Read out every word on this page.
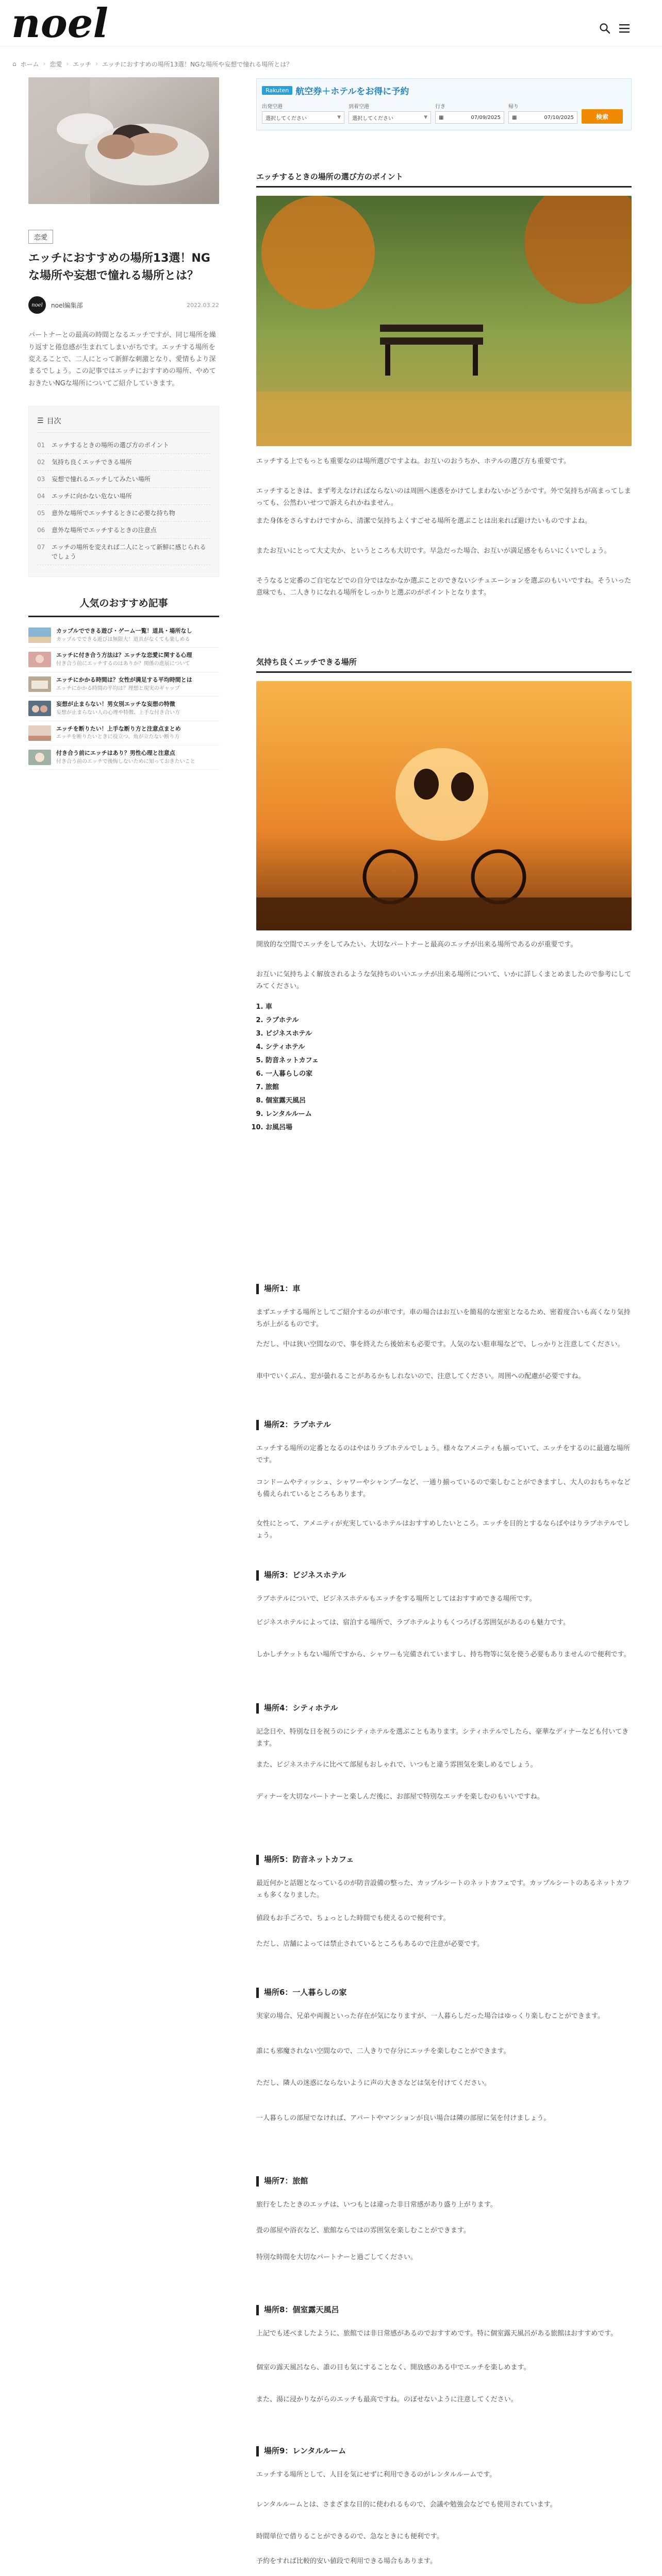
noel
⌂ ホーム › 恋愛 › エッチ › エッチにおすすめの場所13選！NGな場所や妄想で憧れる場所とは？
恋愛
エッチにおすすめの場所13選！NGな場所や妄想で憧れる場所とは？
noel	noel編集部	2022.03.22

パートナーとの最高の時間となるエッチですが、同じ場所を繰り返すと倦怠感が生まれてしまいがちです。エッチする場所を変えることで、二人にとって新鮮な刺激となり、愛情もより深まるでしょう。この記事ではエッチにおすすめの場所、やめておきたいNGな場所についてご紹介していきます。

☰ 目次
01 エッチするときの場所の選び方のポイント
02 気持ち良くエッチできる場所
03 妄想で憧れるエッチしてみたい場所
04 エッチに向かない危ない場所
05 意外な場所でエッチするときに必要な持ち物
06 意外な場所でエッチするときの注意点
07 エッチの場所を変えれば二人にとって新鮮に感じられるでしょう
人気のおすすめ記事
カップルでできる遊び・ゲーム一覧！道具・場所なし
カップルでできる遊びは無限大！道具がなくても楽しめる
エッチに付き合う方法は？エッチな恋愛に関する心理
付き合う前にエッチするのはありか？関係の進展について
エッチにかかる時間は？女性が満足する平均時間とは
エッチにかかる時間の平均は？理想と現実のギャップ
妄想が止まらない！男女別エッチな妄想の特徴
妄想が止まらない人の心理や特徴、上手な付き合い方
エッチを断りたい！上手な断り方と注意点まとめ
エッチを断りたいときに役立つ、角が立たない断り方
付き合う前にエッチはあり？男性心理と注意点
付き合う前のエッチで後悔しないために知っておきたいこと
Rakuten 航空券＋ホテルをお得に予約
出発空港
選択してください	▼
到着空港
選択してください	▼
行き
▦	07/09/2025
帰り
▦	07/10/2025	検索
エッチするときの場所の選び方のポイント

エッチする上でもっとも重要なのは場所選びですよね。お互いのおうちか、ホテルの選び方も重要です。

エッチするときは、まず考えなければならないのは周囲へ迷惑をかけてしまわないかどうかです。外で気持ちが高まってしまっても、公然わいせつで訴えられかねません。

また身体をさらすわけですから、清潔で気持ちよくすごせる場所を選ぶことは出来れば避けたいものですよね。

またお互いにとって大丈夫か、というところも大切です。早急だった場合、お互いが満足感をもらいにくいでしょう。

そうなると定番のご自宅などでの自分ではなかなか選ぶことのできないシチュエーションを選ぶのもいいですね。そういった意味でも、二人きりになれる場所をしっかりと選ぶのがポイントとなります。

気持ち良くエッチできる場所

開放的な空間でエッチをしてみたい、大切なパートナーと最高のエッチが出来る場所であるのが重要です。

お互いに気持ちよく解放されるような気持ちのいいエッチが出来る場所について、いかに詳しくまとめましたので参考にしてみてください。

1. 車
2. ラブホテル
3. ビジネスホテル
4. シティホテル
5. 防音ネットカフェ
6. 一人暮らしの家
7. 旅館
8. 個室露天風呂
9. レンタルルーム
10. お風呂場
場所1：車

まずエッチする場所としてご紹介するのが車です。車の場合はお互いを簡易的な密室となるため、密着度合いも高くなり気持ちが上がるものです。

ただし、中は狭い空間なので、事を終えたら後始末も必要です。人気のない駐車場などで、しっかりと注意してください。

車中でいくぶん、窓が曇れることがあるかもしれないので、注意してください。周囲への配慮が必要ですね。

場所2：ラブホテル

エッチする場所の定番となるのはやはりラブホテルでしょう。様々なアメニティも揃っていて、エッチをするのに最適な場所です。

コンドームやティッシュ、シャワーやシャンプーなど、一通り揃っているので楽しむことができますし、大人のおもちゃなども備えられているところもあります。

女性にとって、アメニティが充実しているホテルはおすすめしたいところ。エッチを目的とするならばやはりラブホテルでしょう。

場所3：ビジネスホテル

ラブホテルについで、ビジネスホテルもエッチをする場所としてはおすすめできる場所です。

ビジネスホテルによっては、宿泊する場所で、ラブホテルよりもくつろげる雰囲気があるのも魅力です。

しかしチケットもない場所ですから、シャワーも完備されていますし、持ち物等に気を使う必要もありませんので便利です。

場所4：シティホテル

記念日や、特別な日を祝うのにシティホテルを選ぶこともあります。シティホテルでしたら、豪華なディナーなども付いてきます。

また、ビジネスホテルに比べて部屋もおしゃれで、いつもと違う雰囲気を楽しめるでしょう。

ディナーを大切なパートナーと楽しんだ後に、お部屋で特別なエッチを楽しむのもいいですね。

場所5：防音ネットカフェ

最近何かと話題となっているのが防音設備の整った、カップルシートのネットカフェです。カップルシートのあるネットカフェも多くなりました。

値段もお手ごろで、ちょっとした時間でも使えるので便利です。

ただし、店舗によっては禁止されているところもあるので注意が必要です。

場所6：一人暮らしの家

実家の場合、兄弟や両親といった存在が気になりますが、一人暮らしだった場合はゆっくり楽しむことができます。

誰にも邪魔されない空間なので、二人きりで存分にエッチを楽しむことができます。

ただし、隣人の迷惑にならないように声の大きさなどは気を付けてください。

一人暮らしの部屋でなければ、アパートやマンションが良い場合は隣の部屋に気を付けましょう。

場所7：旅館

旅行をしたときのエッチは、いつもとは違った非日常感があり盛り上がります。

畳の部屋や浴衣など、旅館ならではの雰囲気を楽しむことができます。

特別な時間を大切なパートナーと過ごしてください。

場所8：個室露天風呂

上記でも述べましたように、旅館では非日常感があるのでおすすめです。特に個室露天風呂がある旅館はおすすめです。

個室の露天風呂なら、誰の目も気にすることなく、開放感のある中でエッチを楽しめます。

また、湯に浸かりながらのエッチも最高ですね。のぼせないように注意してください。

場所9：レンタルルーム

エッチする場所として、人目を気にせずに利用できるのがレンタルルームです。

レンタルルームとは、さまざまな目的に使われるもので、会議や勉強会などでも使用されています。

時間単位で借りることができるので、急なときにも便利です。

予約をすれば比較的安い値段で利用できる場合もあります。
